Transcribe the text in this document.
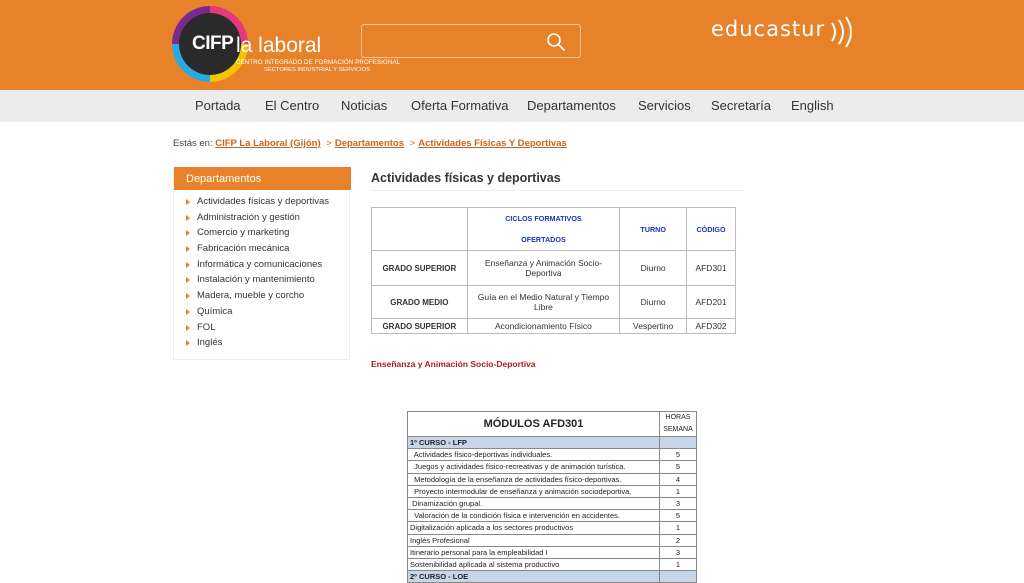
CIFP la laboral
CENTRO INTEGRADO DE FORMACIÓN PROFESIONAL
SECTORES INDUSTRIAL Y SERVICIOS
educastur
Portada El Centro Noticias Oferta Formativa Departamentos Servicios Secretaría English
Estás en: CIFP La Laboral (Gijón) > Departamentos > Actividades Físicas Y Deportivas
Departamentos
Actividades físicas y deportivas
Administración y gestión
Comercio y marketing
Fabricación mecánica
Informática y comunicaciones
Instalación y mantenimiento
Madera, mueble y corcho
Química
FOL
Inglés
Actividades físicas y deportivas

	CICLOS FORMATIVOS
OFERTADOS	TURNO	CÓDIGO
GRADO SUPERIOR	Enseñanza y Animación Socio-Deportiva	Diurno	AFD301
GRADO MEDIO	Guía en el Medio Natural y Tiempo Libre	Diurno	AFD201
GRADO SUPERIOR	Acondicionamiento Físico	Vespertino	AFD302
Enseñanza y Animación Socio-Deportiva
MÓDULOS AFD301	HORAS
SEMANA

1º CURSO - LFP	
Actividades físico-deportivas individuales.	5
Juegos y actividades físico-recreativas y de animación turística.	5
Metodología de la enseñanza de actividades físico-deportivas.	4
Proyecto intermodular de enseñanza y animación sociodeportiva.	1
Dinamización grupal.	3
Valoración de la condición física e intervención en accidentes.	5
Digitalización aplicada a los sectores productivos	1
Inglés Profesional	2
Itinerario personal para la empleabilidad I	3
Sostenibilidad aplicada al sistema productivo	1
2º CURSO - LOE	
